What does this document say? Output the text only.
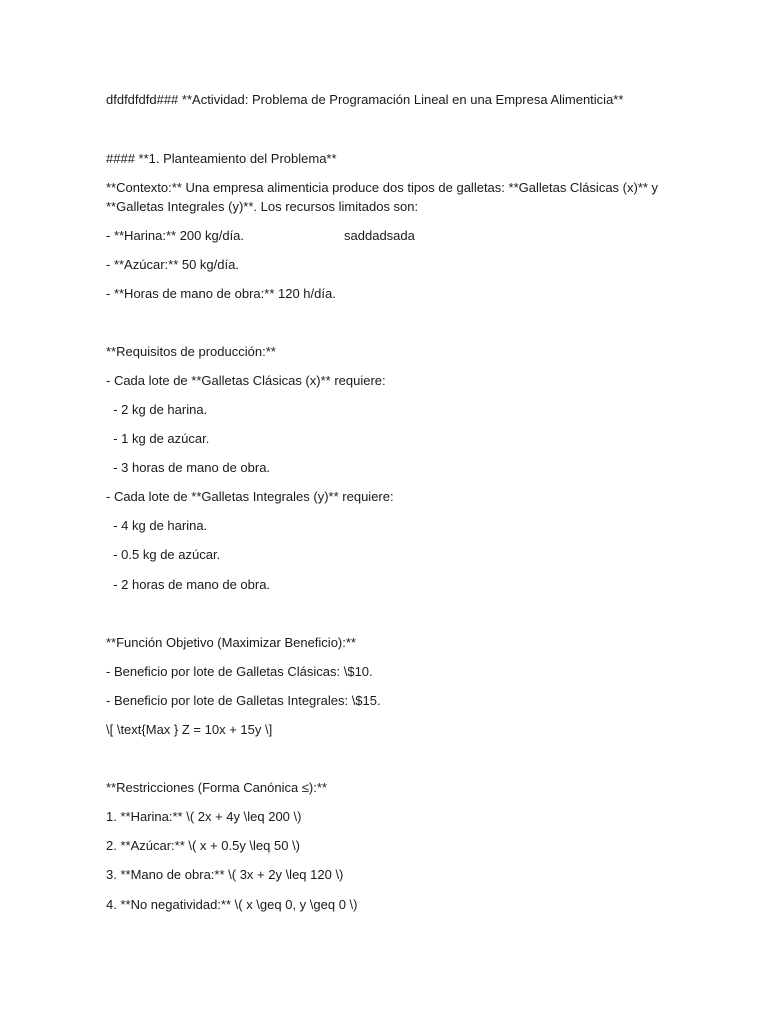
dfdfdfdfd### **Actividad: Problema de Programación Lineal en una Empresa Alimenticia**
#### **1. Planteamiento del Problema**
**Contexto:** Una empresa alimenticia produce dos tipos de galletas: **Galletas Clásicas (x)** y
**Galletas Integrales (y)**. Los recursos limitados son:
- **Harina:** 200 kg/día.	saddadsada
- **Azúcar:** 50 kg/día.
- **Horas de mano de obra:** 120 h/día.
**Requisitos de producción:**
- Cada lote de **Galletas Clásicas (x)** requiere:
- 2 kg de harina.
- 1 kg de azúcar.
- 3 horas de mano de obra.
- Cada lote de **Galletas Integrales (y)** requiere:
- 4 kg de harina.
- 0.5 kg de azúcar.
- 2 horas de mano de obra.
**Función Objetivo (Maximizar Beneficio):**
- Beneficio por lote de Galletas Clásicas: \$10.
- Beneficio por lote de Galletas Integrales: \$15.
\[ \text{Max } Z = 10x + 15y \]
**Restricciones (Forma Canónica ≤):**
1. **Harina:** \( 2x + 4y \leq 200 \)
2. **Azúcar:** \( x + 0.5y \leq 50 \)
3. **Mano de obra:** \( 3x + 2y \leq 120 \)
4. **No negatividad:** \( x \geq 0, y \geq 0 \)
